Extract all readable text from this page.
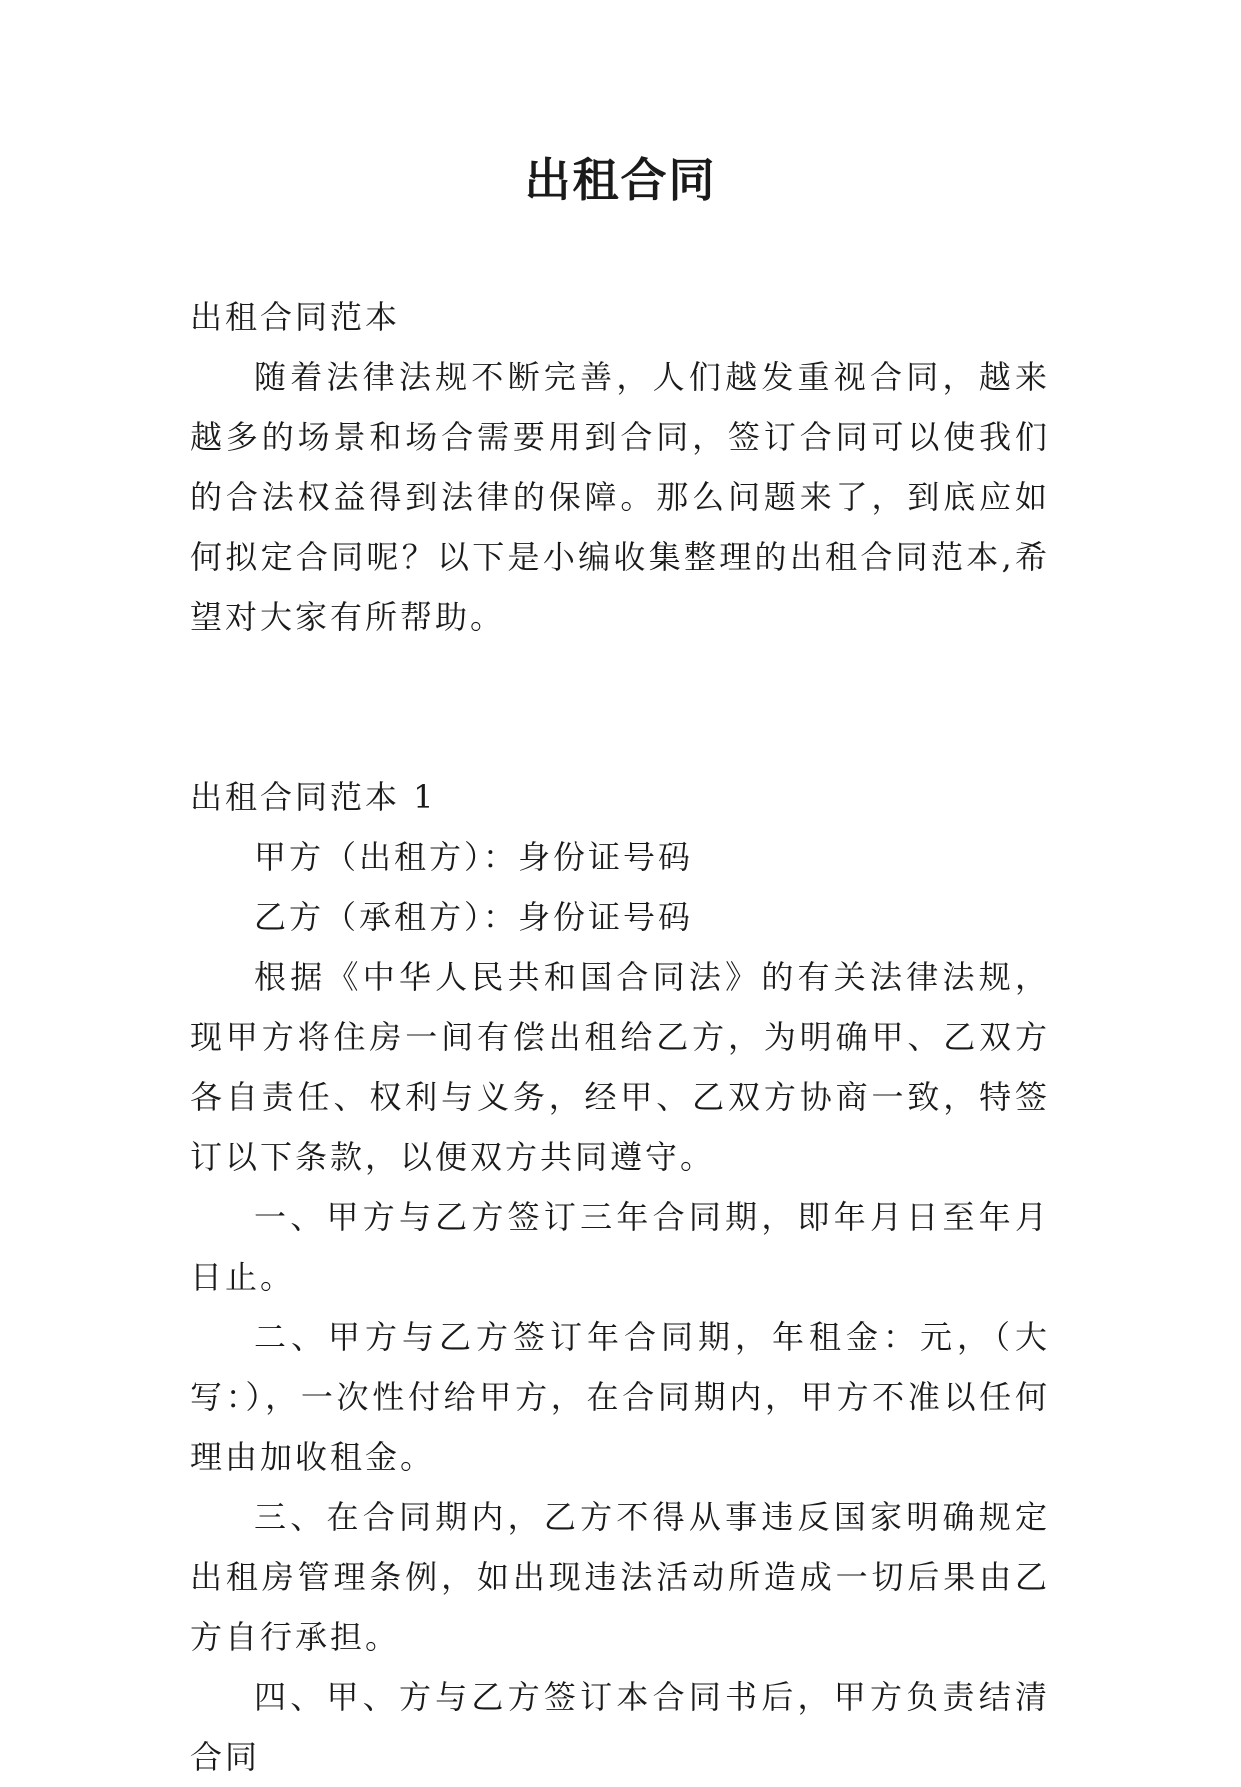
出租合同

出租合同范本

随着法律法规不断完善，人们越发重视合同，越来越多的场景和场合需要用到合同，签订合同可以使我们的合法权益得到法律的保障。那么问题来了，到底应如何拟定合同呢？以下是小编收集整理的出租合同范本,希望对大家有所帮助。

出租合同范本 1

甲方（出租方）：身份证号码

乙方（承租方）：身份证号码

根据《中华人民共和国合同法》的有关法律法规，现甲方将住房一间有偿出租给乙方，为明确甲、乙双方各自责任、权利与义务，经甲、乙双方协商一致，特签订以下条款，以便双方共同遵守。

一、甲方与乙方签订三年合同期，即年月日至年月日止。

二、甲方与乙方签订年合同期，年租金：元，（大写：），一次性付给甲方，在合同期内，甲方不准以任何理由加收租金。

三、在合同期内，乙方不得从事违反国家明确规定出租房管理条例，如出现违法活动所造成一切后果由乙方自行承担。

四、甲、方与乙方签订本合同书后，甲方负责结清合同
